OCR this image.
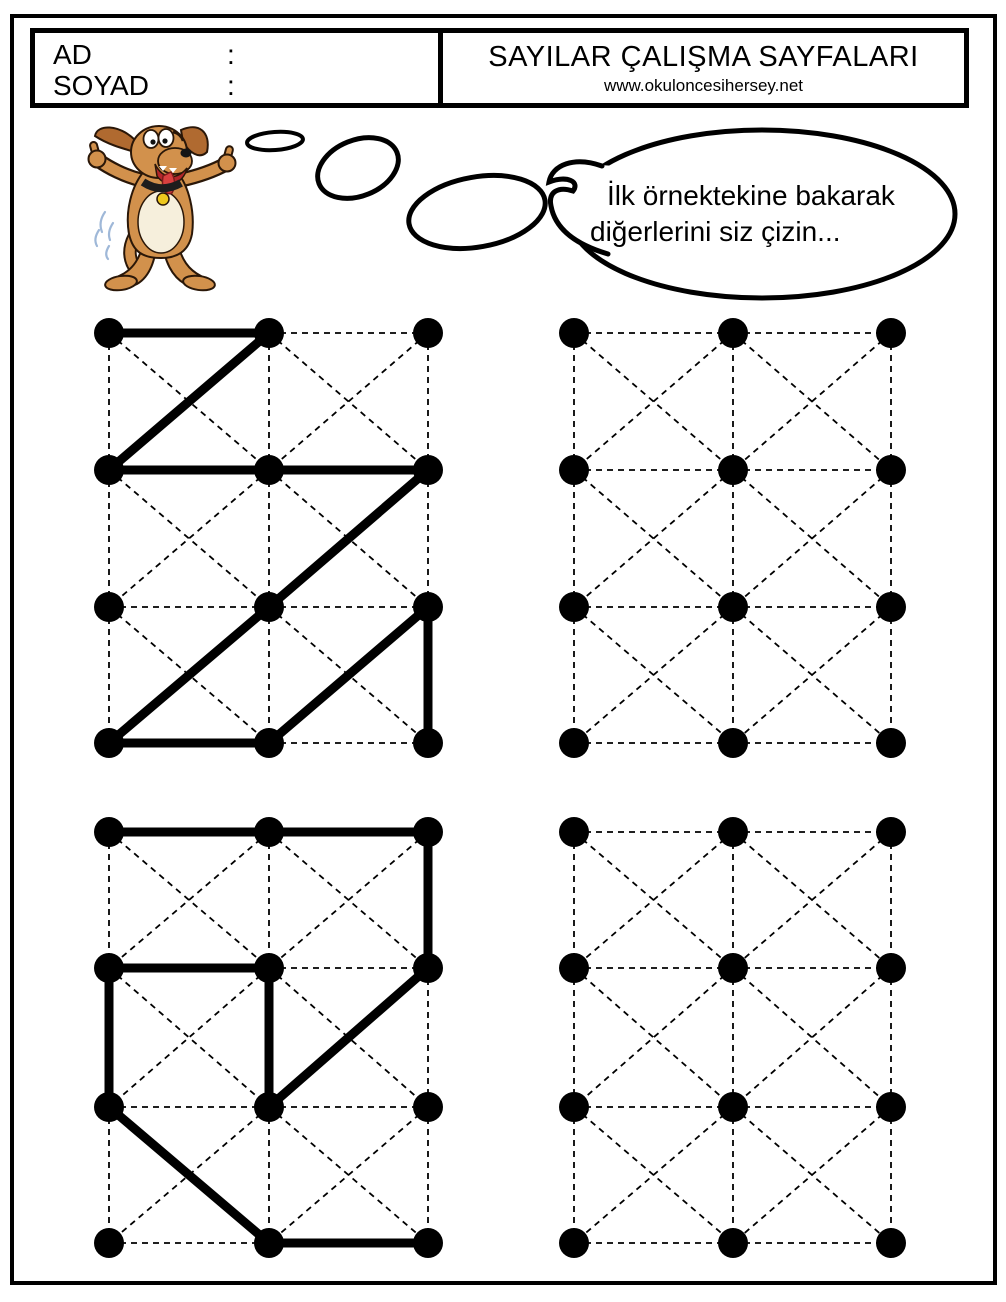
AD	:
SOYAD	:
SAYILAR ÇALIŞMA SAYFALARI
www.okuloncesihersey.net
İlk örnektekine bakarak
diğerlerini siz çizin...
